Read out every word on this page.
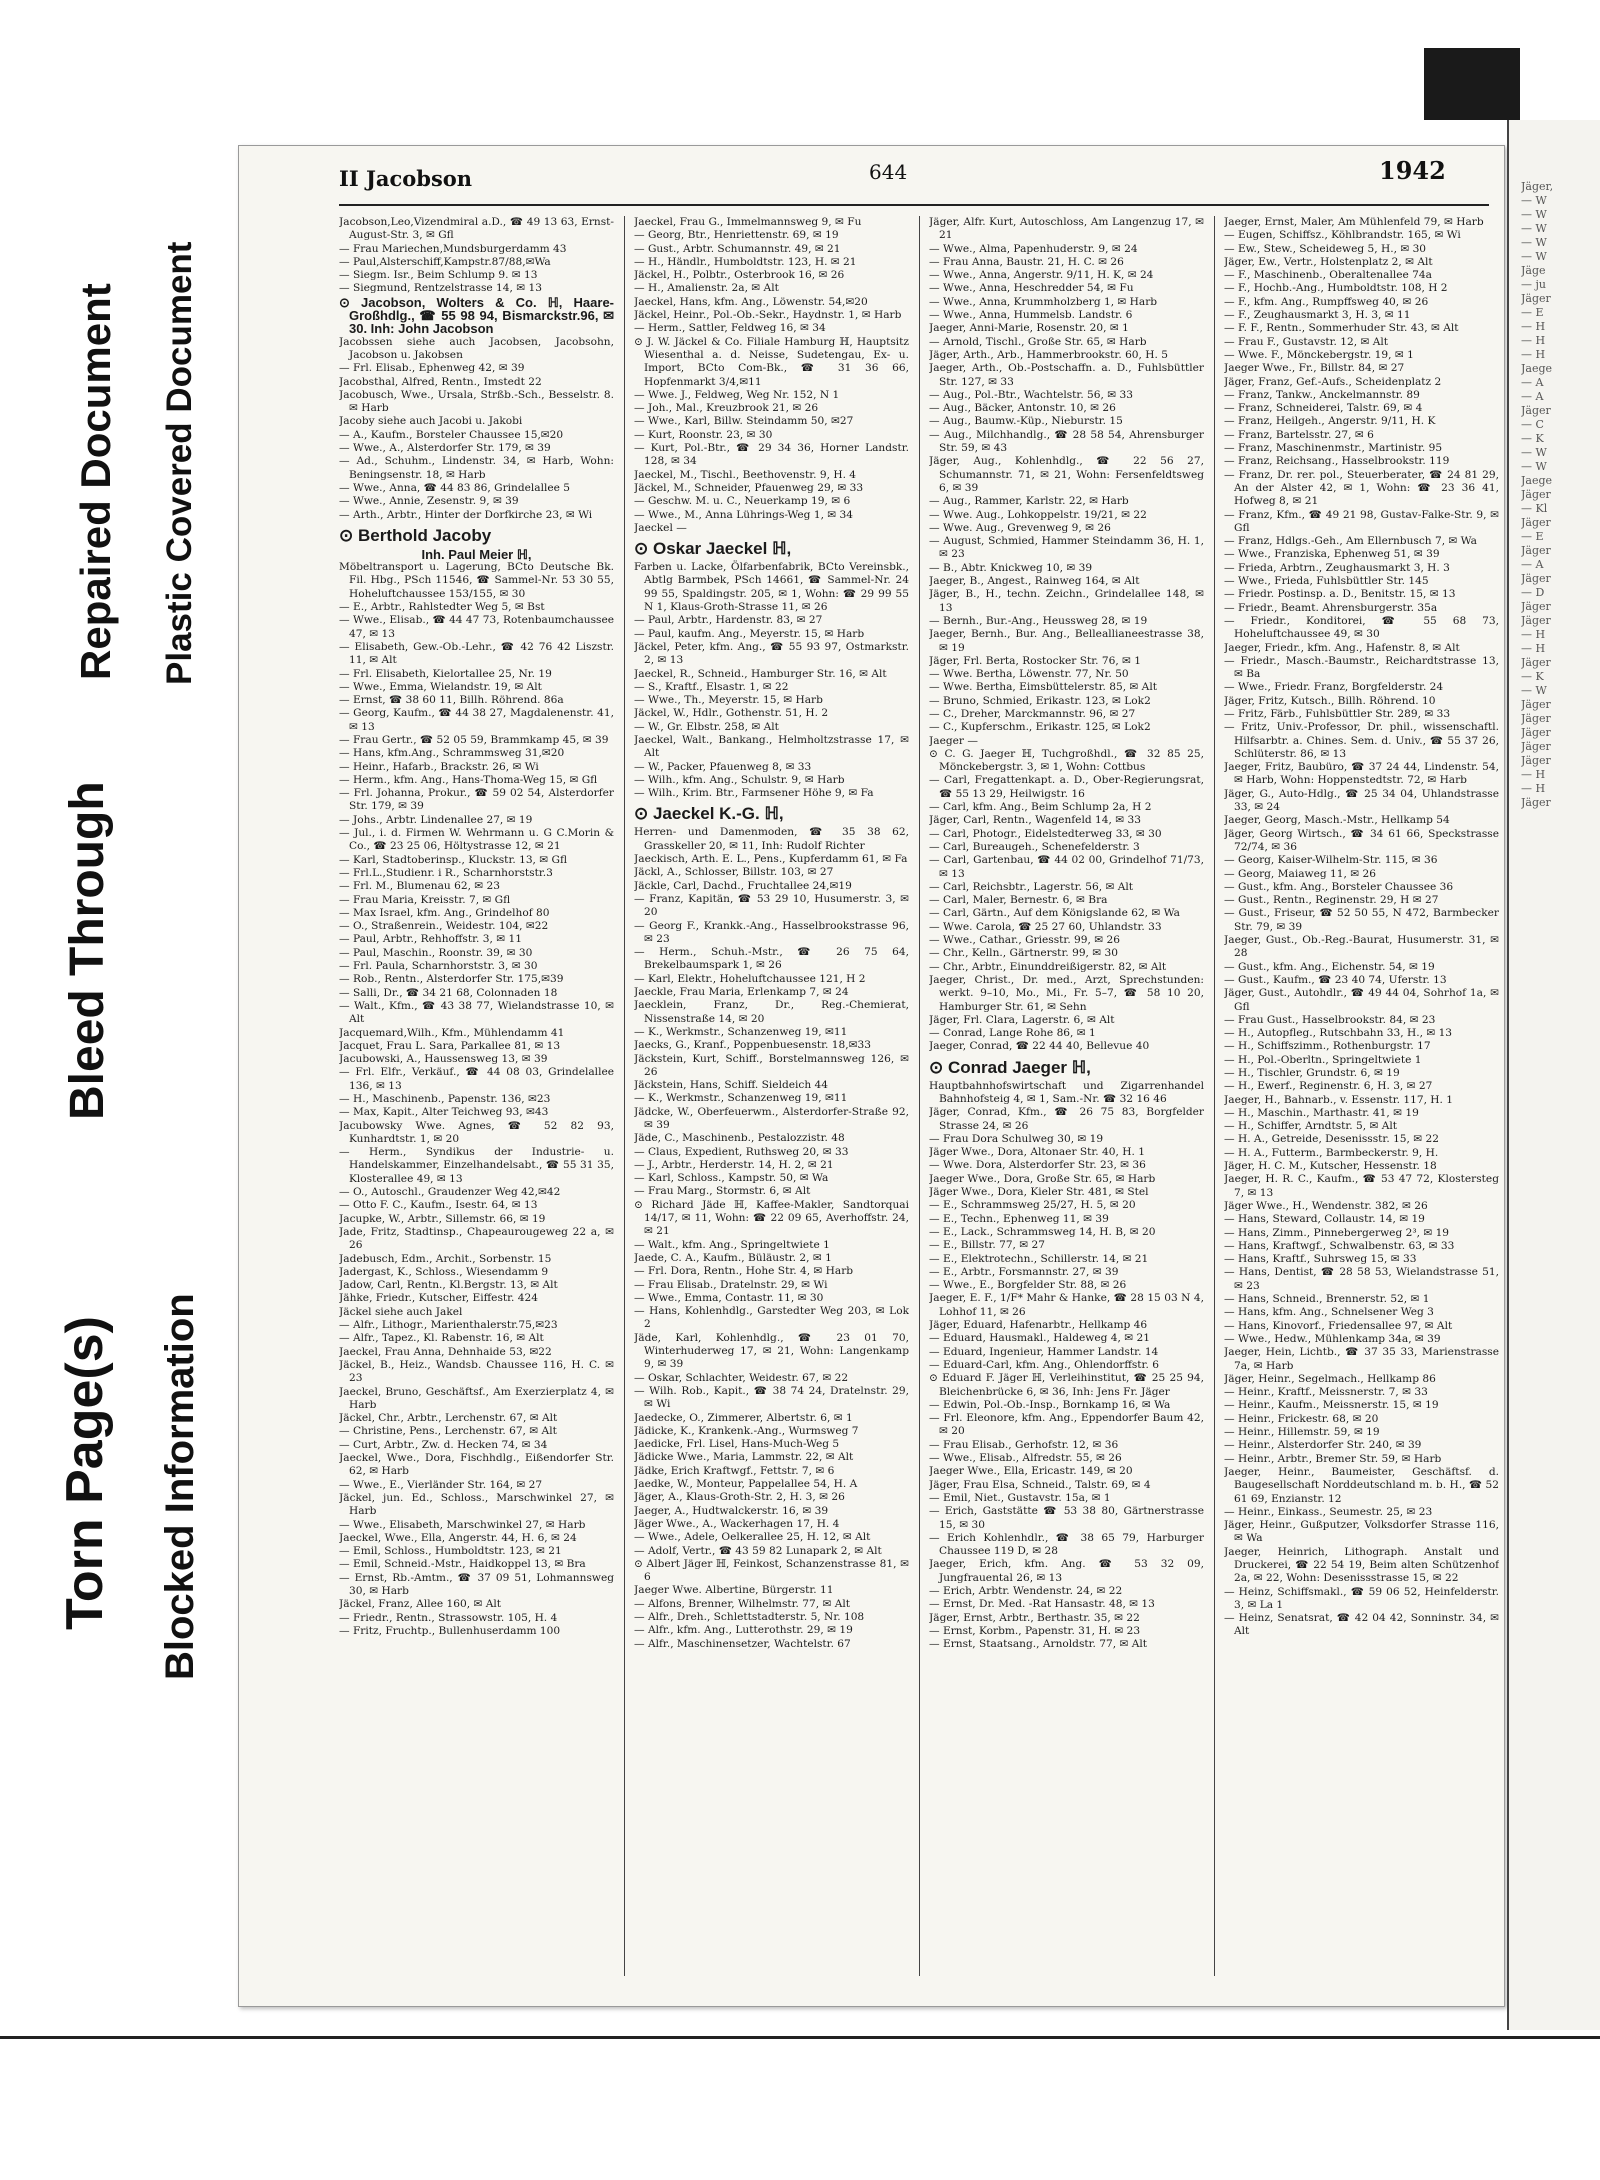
Torn Page(s)
Bleed Through
Repaired Document
Blocked Information
Plastic Covered Document
II Jacobson	644	1942

Jacobson,Leo,Vizendmiral a.D., ☎ 49 13 63, Ernst-August-Str. 3, ✉ Gfl

— Frau Mariechen,Mundsburgerdamm 43

— Paul,Alsterschiff,Kampstr.87/88,✉Wa

— Siegm. Isr., Beim Schlump 9. ✉ 13

— Siegmund, Rentzelstrasse 14, ✉ 13

⊙ Jacobson, Wolters & Co. ℍ, Haare-Großhdlg., ☎ 55 98 94, Bismarckstr.96, ✉ 30. Inh: John Jacobson

Jacobssen siehe auch Jacobsen, Jacobsohn, Jacobson u. Jakobsen

— Frl. Elisab., Ephenweg 42, ✉ 39

Jacobsthal, Alfred, Rentn., Imstedt 22

Jacobusch, Wwe., Ursala, Strßb.-Sch., Besselstr. 8. ✉ Harb

Jacoby siehe auch Jacobi u. Jakobi

— A., Kaufm., Borsteler Chaussee 15,✉20

— Wwe., A., Alsterdorfer Str. 179, ✉ 39

— Ad., Schuhm., Lindenstr. 34, ✉ Harb, Wohn: Beningsenstr. 18, ✉ Harb

— Wwe., Anna, ☎ 44 83 86, Grindelallee 5

— Wwe., Annie, Zesenstr. 9, ✉ 39

— Arth., Arbtr., Hinter der Dorfkirche 23, ✉ Wi

⊙ Berthold Jacoby

Inh. Paul Meier ℍ,

Möbeltransport u. Lagerung, BCto Deutsche Bk. Fil. Hbg., PSch 11546, ☎ Sammel-Nr. 53 30 55, Hoheluftchaussee 153/155, ✉ 30

— E., Arbtr., Rahlstedter Weg 5, ✉ Bst

— Wwe., Elisab., ☎ 44 47 73, Rotenbaumchaussee 47, ✉ 13

— Elisabeth, Gew.-Ob.-Lehr., ☎ 42 76 42 Liszstr. 11, ✉ Alt

— Frl. Elisabeth, Kielortallee 25, Nr. 19

— Wwe., Emma, Wielandstr. 19, ✉ Alt

— Ernst, ☎ 38 60 11, Billh. Röhrend. 86a

— Georg, Kaufm., ☎ 44 38 27, Magdalenenstr. 41, ✉ 13

— Frau Gertr., ☎ 52 05 59, Brammkamp 45, ✉ 39

— Hans, kfm.Ang., Schrammsweg 31,✉20

— Heinr., Hafarb., Brackstr. 26, ✉ Wi

— Herm., kfm. Ang., Hans-Thoma-Weg 15, ✉ Gfl

— Frl. Johanna, Prokur., ☎ 59 02 54, Alsterdorfer Str. 179, ✉ 39

— Johs., Arbtr. Lindenallee 27, ✉ 19

— Jul., i. d. Firmen W. Wehrmann u. G C.Morin & Co., ☎ 23 25 06, Höltystrasse 12, ✉ 21

— Karl, Stadtoberinsp., Kluckstr. 13, ✉ Gfl

— Frl.L.,Studienr. i R., Scharnhorststr.3

— Frl. M., Blumenau 62, ✉ 23

— Frau Maria, Kreisstr. 7, ✉ Gfl

— Max Israel, kfm. Ang., Grindelhof 80

— O., Straßenrein., Weidestr. 104, ✉22

— Paul, Arbtr., Rehhoffstr. 3, ✉ 11

— Paul, Maschin., Roonstr. 39, ✉ 30

— Frl. Paula, Scharnhorststr. 3, ✉ 30

— Rob., Rentn., Alsterdorfer Str. 175,✉39

— Salli, Dr., ☎ 34 21 68, Colonnaden 18

— Walt., Kfm., ☎ 43 38 77, Wielandstrasse 10, ✉ Alt

Jacquemard,Wilh., Kfm., Mühlendamm 41

Jacquet, Frau L. Sara, Parkallee 81, ✉ 13

Jacubowski, A., Haussensweg 13, ✉ 39

— Frl. Elfr., Verkäuf., ☎ 44 08 03, Grindelallee 136, ✉ 13

— H., Maschinenb., Papenstr. 136, ✉23

— Max, Kapit., Alter Teichweg 93, ✉43

Jacubowsky Wwe. Agnes, ☎ 52 82 93, Kunhardtstr. 1, ✉ 20

— Herm., Syndikus der Industrie- u. Handelskammer, Einzelhandelsabt., ☎ 55 31 35, Klosterallee 49, ✉ 13

— O., Autoschl., Graudenzer Weg 42,✉42

— Otto F. C., Kaufm., Isestr. 64, ✉ 13

Jacupke, W., Arbtr., Sillemstr. 66, ✉ 19

Jade, Fritz, Stadtinsp., Chapeaurougeweg 22 a, ✉ 26

Jadebusch, Edm., Archit., Sorbenstr. 15

Jadergast, K., Schloss., Wiesendamm 9

Jadow, Carl, Rentn., Kl.Bergstr. 13, ✉ Alt

Jähke, Friedr., Kutscher, Eiffestr. 424

Jäckel siehe auch Jakel

— Alfr., Lithogr., Marienthalerstr.75,✉23

— Alfr., Tapez., Kl. Rabenstr. 16, ✉ Alt

Jaeckel, Frau Anna, Dehnhaide 53, ✉22

Jäckel, B., Heiz., Wandsb. Chaussee 116, H. C. ✉ 23

Jaeckel, Bruno, Geschäftsf., Am Exerzierplatz 4, ✉ Harb

Jäckel, Chr., Arbtr., Lerchenstr. 67, ✉ Alt

— Christine, Pens., Lerchenstr. 67, ✉ Alt

— Curt, Arbtr., Zw. d. Hecken 74, ✉ 34

Jaeckel, Wwe., Dora, Fischhdlg., Eißendorfer Str. 62, ✉ Harb

— Wwe., E., Vierländer Str. 164, ✉ 27

Jäckel, jun. Ed., Schloss., Marschwinkel 27, ✉ Harb

— Wwe., Elisabeth, Marschwinkel 27, ✉ Harb

Jaeckel, Wwe., Ella, Angerstr. 44, H. 6, ✉ 24

— Emil, Schloss., Humboldtstr. 123, ✉ 21

— Emil, Schneid.-Mstr., Haidkoppel 13, ✉ Bra

— Ernst, Rb.-Amtm., ☎ 37 09 51, Lohmannsweg 30, ✉ Harb

Jäckel, Franz, Allee 160, ✉ Alt

— Friedr., Rentn., Strassowstr. 105, H. 4

— Fritz, Fruchtp., Bullenhuserdamm 100

Jaeckel, Frau G., Immelmannsweg 9, ✉ Fu

— Georg, Btr., Henriettenstr. 69, ✉ 19

— Gust., Arbtr. Schumannstr. 49, ✉ 21

— H., Händlr., Humboldtstr. 123, H. ✉ 21

Jäckel, H., Polbtr., Osterbrook 16, ✉ 26

— H., Amalienstr. 2a, ✉ Alt

Jaeckel, Hans, kfm. Ang., Löwenstr. 54,✉20

Jäckel, Heinr., Pol.-Ob.-Sekr., Haydnstr. 1, ✉ Harb

— Herm., Sattler, Feldweg 16, ✉ 34

⊙ J. W. Jäckel & Co. Filiale Hamburg ℍ, Hauptsitz Wiesenthal a. d. Neisse, Sudetengau, Ex- u. Import, BCto Com-Bk., ☎ 31 36 66, Hopfenmarkt 3/4,✉11

— Wwe. J., Feldweg, Weg Nr. 152, N 1

— Joh., Mal., Kreuzbrook 21, ✉ 26

— Wwe., Karl, Billw. Steindamm 50, ✉27

— Kurt, Roonstr. 23, ✉ 30

— Kurt, Pol.-Btr., ☎ 29 34 36, Horner Landstr. 128, ✉ 34

Jaeckel, M., Tischl., Beethovenstr. 9, H. 4

Jäckel, M., Schneider, Pfauenweg 29, ✉ 33

— Geschw. M. u. C., Neuerkamp 19, ✉ 6

— Wwe., M., Anna Lührings-Weg 1, ✉ 34

Jaeckel —

⊙ Oskar Jaeckel ℍ,

Farben u. Lacke, Ölfarbenfabrik, BCto Vereinsbk., Abtlg Barmbek, PSch 14661, ☎ Sammel-Nr. 24 99 55, Spaldingstr. 205, ✉ 1, Wohn: ☎ 29 99 55 N 1, Klaus-Groth-Strasse 11, ✉ 26

— Paul, Arbtr., Hardenstr. 83, ✉ 27

— Paul, kaufm. Ang., Meyerstr. 15, ✉ Harb

Jäckel, Peter, kfm. Ang., ☎ 55 93 97, Ostmarkstr. 2, ✉ 13

Jaeckel, R., Schneid., Hamburger Str. 16, ✉ Alt

— S., Kraftf., Elsastr. 1, ✉ 22

— Wwe., Th., Meyerstr. 15, ✉ Harb

Jäckel, W., Hdlr., Gothenstr. 51, H. 2

— W., Gr. Elbstr. 258, ✉ Alt

Jaeckel, Walt., Bankang., Helmholtzstrasse 17, ✉ Alt

— W., Packer, Pfauenweg 8, ✉ 33

— Wilh., kfm. Ang., Schulstr. 9, ✉ Harb

— Wilh., Krim. Btr., Farmsener Höhe 9, ✉ Fa

⊙ Jaeckel K.-G. ℍ,

Herren- und Damenmoden, ☎ 35 38 62, Grasskeller 20, ✉ 11, Inh: Rudolf Richter

Jaeckisch, Arth. E. L., Pens., Kupferdamm 61, ✉ Fa

Jäckl, A., Schlosser, Billstr. 103, ✉ 27

Jäckle, Carl, Dachd., Fruchtallee 24,✉19

— Franz, Kapitän, ☎ 53 29 10, Husumerstr. 3, ✉ 20

— Georg F., Krankk.-Ang., Hasselbrookstrasse 96, ✉ 23

— Herm., Schuh.-Mstr., ☎ 26 75 64, Brekelbaumspark 1, ✉ 26

— Karl, Elektr., Hoheluftchaussee 121, H 2

Jaeckle, Frau Maria, Erlenkamp 7, ✉ 24

Jaecklein, Franz, Dr., Reg.-Chemierat, Nissenstraße 14, ✉ 20

— K., Werkmstr., Schanzenweg 19, ✉11

Jaecks, G., Kranf., Poppenbuesenstr. 18,✉33

Jäckstein, Kurt, Schiff., Borstelmannsweg 126, ✉ 26

Jäckstein, Hans, Schiff. Sieldeich 44

— K., Werkmstr., Schanzenweg 19, ✉11

Jädcke, W., Oberfeuerwm., Alsterdorfer-Straße 92, ✉ 39

Jäde, C., Maschinenb., Pestalozzistr. 48

— Claus, Expedient, Ruthsweg 20, ✉ 33

— J., Arbtr., Herderstr. 14, H. 2, ✉ 21

— Karl, Schloss., Kampstr. 50, ✉ Wa

— Frau Marg., Stormstr. 6, ✉ Alt

⊙ Richard Jäde ℍ, Kaffee-Makler, Sandtorquai 14/17, ✉ 11, Wohn: ☎ 22 09 65, Averhoffstr. 24, ✉ 21

— Walt., kfm. Ang., Springeltwiete 1

Jaede, C. A., Kaufm., Büläustr. 2, ✉ 1

— Frl. Dora, Rentn., Hohe Str. 4, ✉ Harb

— Frau Elisab., Dratelnstr. 29, ✉ Wi

— Wwe., Emma, Contastr. 11, ✉ 30

— Hans, Kohlenhdlg., Garstedter Weg 203, ✉ Lok 2

Jäde, Karl, Kohlenhdlg., ☎ 23 01 70, Winterhuderweg 17, ✉ 21, Wohn: Langenkamp 9, ✉ 39

— Oskar, Schlachter, Weidestr. 67, ✉ 22

— Wilh. Rob., Kapit., ☎ 38 74 24, Dratelnstr. 29, ✉ Wi

Jaedecke, O., Zimmerer, Albertstr. 6, ✉ 1

Jädicke, K., Krankenk.-Ang., Wurmsweg 7

Jaedicke, Frl. Lisel, Hans-Much-Weg 5

Jädicke Wwe., Maria, Lammstr. 22, ✉ Alt

Jädke, Erich Kraftwgf., Fettstr. 7, ✉ 6

Jaedke, W., Monteur, Pappelallee 54, H. A

Jäger, A., Klaus-Groth-Str. 2, H. 3, ✉ 26

Jaeger, A., Hudtwalckerstr. 16, ✉ 39

Jäger Wwe., A., Wackerhagen 17, H. 4

— Wwe., Adele, Oelkerallee 25, H. 12, ✉ Alt

— Adolf, Vertr., ☎ 43 59 82 Lunapark 2, ✉ Alt

⊙ Albert Jäger ℍ, Feinkost, Schanzenstrasse 81, ✉ 6

Jaeger Wwe. Albertine, Bürgerstr. 11

— Alfons, Brenner, Wilhelmstr. 77, ✉ Alt

— Alfr., Dreh., Schlettstadterstr. 5, Nr. 108

— Alfr., kfm. Ang., Lutterothstr. 29, ✉ 19

— Alfr., Maschinensetzer, Wachtelstr. 67

Jäger, Alfr. Kurt, Autoschloss, Am Langenzug 17, ✉ 21

— Wwe., Alma, Papenhuderstr. 9, ✉ 24

— Frau Anna, Baustr. 21, H. C. ✉ 26

— Wwe., Anna, Angerstr. 9/11, H. K, ✉ 24

— Wwe., Anna, Heschredder 54, ✉ Fu

— Wwe., Anna, Krummholzberg 1, ✉ Harb

— Wwe., Anna, Hummelsb. Landstr. 6

Jaeger, Anni-Marie, Rosenstr. 20, ✉ 1

— Arnold, Tischl., Große Str. 65, ✉ Harb

Jäger, Arth., Arb., Hammerbrookstr. 60, H. 5

Jaeger, Arth., Ob.-Postschaffn. a. D., Fuhlsbüttler Str. 127, ✉ 33

— Aug., Pol.-Btr., Wachtelstr. 56, ✉ 33

— Aug., Bäcker, Antonstr. 10, ✉ 26

— Aug., Baumw.-Küp., Nieburstr. 15

— Aug., Milchhandlg., ☎ 28 58 54, Ahrensburger Str. 59, ✉ 43

Jäger, Aug., Kohlenhdlg., ☎ 22 56 27, Schumannstr. 71, ✉ 21, Wohn: Fersenfeldtsweg 6, ✉ 39

— Aug., Rammer, Karlstr. 22, ✉ Harb

— Wwe. Aug., Lohkoppelstr. 19/21, ✉ 22

— Wwe. Aug., Grevenweg 9, ✉ 26

— August, Schmied, Hammer Steindamm 36, H. 1, ✉ 23

— B., Abtr. Knickweg 10, ✉ 39

Jaeger, B., Angest., Rainweg 164, ✉ Alt

Jäger, B., H., techn. Zeichn., Grindelallee 148, ✉ 13

— Bernh., Bur.-Ang., Heussweg 28, ✉ 19

Jaeger, Bernh., Bur. Ang., Belleallianeestrasse 38, ✉ 19

Jäger, Frl. Berta, Rostocker Str. 76, ✉ 1

— Wwe. Bertha, Löwenstr. 77, Nr. 50

— Wwe. Bertha, Eimsbüttelerstr. 85, ✉ Alt

— Bruno, Schmied, Erikastr. 123, ✉ Lok2

— C., Dreher, Marckmannstr. 96, ✉ 27

— C., Kupferschm., Erikastr. 125, ✉ Lok2

Jaeger —

⊙ C. G. Jaeger ℍ, Tuchgroßhdl., ☎ 32 85 25, Mönckebergstr. 3, ✉ 1, Wohn: Cottbus

— Carl, Fregattenkapt. a. D., Ober-Regierungsrat, ☎ 55 13 29, Heilwigstr. 16

— Carl, kfm. Ang., Beim Schlump 2a, H 2

Jäger, Carl, Rentn., Wagenfeld 14, ✉ 33

— Carl, Photogr., Eidelstedterweg 33, ✉ 30

— Carl, Bureaugeh., Schenefelderstr. 3

— Carl, Gartenbau, ☎ 44 02 00, Grindelhof 71/73, ✉ 13

— Carl, Reichsbtr., Lagerstr. 56, ✉ Alt

— Carl, Maler, Bernestr. 6, ✉ Bra

— Carl, Gärtn., Auf dem Königslande 62, ✉ Wa

— Wwe. Carola, ☎ 25 27 60, Uhlandstr. 33

— Wwe., Cathar., Griesstr. 99, ✉ 26

— Chr., Kelln., Gärtnerstr. 99, ✉ 30

— Chr., Arbtr., Einunddreißigerstr. 82, ✉ Alt

Jaeger, Christ., Dr. med., Arzt, Sprechstunden: werkt. 9–10, Mo., Mi., Fr. 5–7, ☎ 58 10 20, Hamburger Str. 61, ✉ Sehn

Jäger, Frl. Clara, Lagerstr. 6, ✉ Alt

— Conrad, Lange Rohe 86, ✉ 1

Jaeger, Conrad, ☎ 22 44 40, Bellevue 40

⊙ Conrad Jaeger ℍ,

Hauptbahnhofswirtschaft und Zigarrenhandel Bahnhofsteig 4, ✉ 1, Sam.-Nr. ☎ 32 16 46

Jäger, Conrad, Kfm., ☎ 26 75 83, Borgfelder Strasse 24, ✉ 26

— Frau Dora Schulweg 30, ✉ 19

Jäger Wwe., Dora, Altonaer Str. 40, H. 1

— Wwe. Dora, Alsterdorfer Str. 23, ✉ 36

Jaeger Wwe., Dora, Große Str. 65, ✉ Harb

Jäger Wwe., Dora, Kieler Str. 481, ✉ Stel

— E., Schrammsweg 25/27, H. 5, ✉ 20

— E., Techn., Ephenweg 11, ✉ 39

— E., Lack., Schrammsweg 14, H. B, ✉ 20

— E., Billstr. 77, ✉ 27

— E., Elektrotechn., Schillerstr. 14, ✉ 21

— E., Arbtr., Forsmannstr. 27, ✉ 39

— Wwe., E., Borgfelder Str. 88, ✉ 26

Jaeger, E. F., 1/F* Mahr & Hanke, ☎ 28 15 03 N 4, Lohhof 11, ✉ 26

Jäger, Eduard, Hafenarbtr., Hellkamp 46

— Eduard, Hausmakl., Haldeweg 4, ✉ 21

— Eduard, Ingenieur, Hammer Landstr. 14

— Eduard-Carl, kfm. Ang., Ohlendorffstr. 6

⊙ Eduard F. Jäger ℍ, Verleihinstitut, ☎ 25 25 94, Bleichenbrücke 6, ✉ 36, Inh: Jens Fr. Jäger

— Edwin, Pol.-Ob.-Insp., Bornkamp 16, ✉ Wa

— Frl. Eleonore, kfm. Ang., Eppendorfer Baum 42, ✉ 20

— Frau Elisab., Gerhofstr. 12, ✉ 36

— Wwe., Elisab., Alfredstr. 55, ✉ 26

Jaeger Wwe., Ella, Ericastr. 149, ✉ 20

Jäger, Frau Elsa, Schneid., Talstr. 69, ✉ 4

— Emil, Niet., Gustavstr. 15a, ✉ 1

— Erich, Gaststätte ☎ 53 38 80, Gärtnerstrasse 15, ✉ 30

— Erich Kohlenhdlr., ☎ 38 65 79, Harburger Chaussee 119 D, ✉ 28

Jaeger, Erich, kfm. Ang. ☎ 53 32 09, Jungfrauental 26, ✉ 13

— Erich, Arbtr. Wendenstr. 24, ✉ 22

— Ernst, Dr. Med. -Rat Hansastr. 48, ✉ 13

Jäger, Ernst, Arbtr., Berthastr. 35, ✉ 22

— Ernst, Korbm., Papenstr. 31, H. ✉ 23

— Ernst, Staatsang., Arnoldstr. 77, ✉ Alt

Jaeger, Ernst, Maler, Am Mühlenfeld 79, ✉ Harb

— Eugen, Schiffsz., Köhlbrandstr. 165, ✉ Wi

— Ew., Stew., Scheideweg 5, H., ✉ 30

Jäger, Ew., Vertr., Holstenplatz 2, ✉ Alt

— F., Maschinenb., Oberaltenallee 74a

— F., Hochb.-Ang., Humboldtstr. 108, H 2

— F., kfm. Ang., Rumpffsweg 40, ✉ 26

— F., Zeughausmarkt 3, H. 3, ✉ 11

— F. F., Rentn., Sommerhuder Str. 43, ✉ Alt

— Frau F., Gustavstr. 12, ✉ Alt

— Wwe. F., Mönckebergstr. 19, ✉ 1

Jaeger Wwe., Fr., Billstr. 84, ✉ 27

Jäger, Franz, Gef.-Aufs., Scheidenplatz 2

— Franz, Tankw., Anckelmannstr. 89

— Franz, Schneiderei, Talstr. 69, ✉ 4

— Franz, Heilgeh., Angerstr. 9/11, H. K

— Franz, Bartelsstr. 27, ✉ 6

— Franz, Maschinenmstr., Martinistr. 95

— Franz, Reichsang., Hasselbrookstr. 119

— Franz, Dr. rer. pol., Steuerberater, ☎ 24 81 29, An der Alster 42, ✉ 1, Wohn: ☎ 23 36 41, Hofweg 8, ✉ 21

— Franz, Kfm., ☎ 49 21 98, Gustav-Falke-Str. 9, ✉ Gfl

— Franz, Hdlgs.-Geh., Am Ellernbusch 7, ✉ Wa

— Wwe., Franziska, Ephenweg 51, ✉ 39

— Frieda, Arbtrn., Zeughausmarkt 3, H. 3

— Wwe., Frieda, Fuhlsbüttler Str. 145

— Friedr. Postinsp. a. D., Benitstr. 15, ✉ 13

— Friedr., Beamt. Ahrensburgerstr. 35a

— Friedr., Konditorei, ☎ 55 68 73, Hoheluftchaussee 49, ✉ 30

Jaeger, Friedr., kfm. Ang., Hafenstr. 8, ✉ Alt

— Friedr., Masch.-Baumstr., Reichardtstrasse 13, ✉ Ba

— Wwe., Friedr. Franz, Borgfelderstr. 24

Jäger, Fritz, Kutsch., Billh. Röhrend. 10

— Fritz, Färb., Fuhlsbüttler Str. 289, ✉ 33

— Fritz, Univ.-Professor, Dr. phil., wissenschaftl. Hilfsarbtr. a. Chines. Sem. d. Univ., ☎ 55 37 26, Schlüterstr. 86, ✉ 13

Jaeger, Fritz, Baubüro, ☎ 37 24 44, Lindenstr. 54, ✉ Harb, Wohn: Hoppenstedtstr. 72, ✉ Harb

Jäger, G., Auto-Hdlg., ☎ 25 34 04, Uhlandstrasse 33, ✉ 24

Jaeger, Georg, Masch.-Mstr., Hellkamp 54

Jäger, Georg Wirtsch., ☎ 34 61 66, Speckstrasse 72/74, ✉ 36

— Georg, Kaiser-Wilhelm-Str. 115, ✉ 36

— Georg, Maiaweg 11, ✉ 26

— Gust., kfm. Ang., Borsteler Chaussee 36

— Gust., Rentn., Reginenstr. 29, H ✉ 27

— Gust., Friseur, ☎ 52 50 55, N 472, Barmbecker Str. 79, ✉ 39

Jaeger, Gust., Ob.-Reg.-Baurat, Husumerstr. 31, ✉ 28

— Gust., kfm. Ang., Eichenstr. 54, ✉ 19

— Gust., Kaufm., ☎ 23 40 74, Uferstr. 13

Jäger, Gust., Autohdlr., ☎ 49 44 04, Sohrhof 1a, ✉ Gfl

— Frau Gust., Hasselbrookstr. 84, ✉ 23

— H., Autopfleg., Rutschbahn 33, H., ✉ 13

— H., Schiffszimm., Rothenburgstr. 17

— H., Pol.-Oberltn., Springeltwiete 1

— H., Tischler, Grundstr. 6, ✉ 19

— H., Ewerf., Reginenstr. 6, H. 3, ✉ 27

Jaeger, H., Bahnarb., v. Essenstr. 117, H. 1

— H., Maschin., Marthastr. 41, ✉ 19

— H., Schiffer, Arndtstr. 5, ✉ Alt

— H. A., Getreide, Desenissstr. 15, ✉ 22

— H. A., Futterm., Barmbeckerstr. 9, H.

Jäger, H. C. M., Kutscher, Hessenstr. 18

Jaeger, H. R. C., Kaufm., ☎ 53 47 72, Klostersteg 7, ✉ 13

Jäger Wwe., H., Wendenstr. 382, ✉ 26

— Hans, Steward, Collaustr. 14, ✉ 19

— Hans, Zimm., Pinnebergerweg 2³, ✉ 19

— Hans, Kraftwgf., Schwalbenstr. 63, ✉ 33

— Hans, Kraftf., Suhrsweg 15, ✉ 33

— Hans, Dentist, ☎ 28 58 53, Wielandstrasse 51, ✉ 23

— Hans, Schneid., Brennerstr. 52, ✉ 1

— Hans, kfm. Ang., Schnelsener Weg 3

— Hans, Kinovorf., Friedensallee 97, ✉ Alt

— Wwe., Hedw., Mühlenkamp 34a, ✉ 39

Jaeger, Hein, Lichtb., ☎ 37 35 33, Marienstrasse 7a, ✉ Harb

Jäger, Heinr., Segelmach., Hellkamp 86

— Heinr., Kraftf., Meissnerstr. 7, ✉ 33

— Heinr., Kaufm., Meissnerstr. 15, ✉ 19

— Heinr., Frickestr. 68, ✉ 20

— Heinr., Hillemstr. 59, ✉ 19

— Heinr., Alsterdorfer Str. 240, ✉ 39

— Heinr., Arbtr., Bremer Str. 59, ✉ Harb

Jaeger, Heinr., Baumeister, Geschäftsf. d. Baugesellschaft Norddeutschland m. b. H., ☎ 52 61 69, Enzianstr. 12

— Heinr., Einkass., Seumestr. 25, ✉ 23

Jäger, Heinr., Gußputzer, Volksdorfer Strasse 116, ✉ Wa

Jaeger, Heinrich, Lithograph. Anstalt und Druckerei, ☎ 22 54 19, Beim alten Schützenhof 2a, ✉ 22, Wohn: Desenissstrasse 15, ✉ 22

— Heinz, Schiffsmakl., ☎ 59 06 52, Heinfelderstr. 3, ✉ La 1

— Heinz, Senatsrat, ☎ 42 04 42, Sonninstr. 34, ✉ Alt

Jäger,
— W
— W
— W
— W
— W
Jäge
— ju
Jäger
— E
— H
— H
— H
Jaege
— A
— A
Jäger
— C
— K
— W
— W
Jaege
Jäger
— Kl
Jäger
— E
Jäger
— A
Jäger
— D
Jäger
Jäger
— H
— H
Jäger
— K
— W
Jäger
Jäger
Jäger
Jäger
Jäger
— H
— H
Jäger
